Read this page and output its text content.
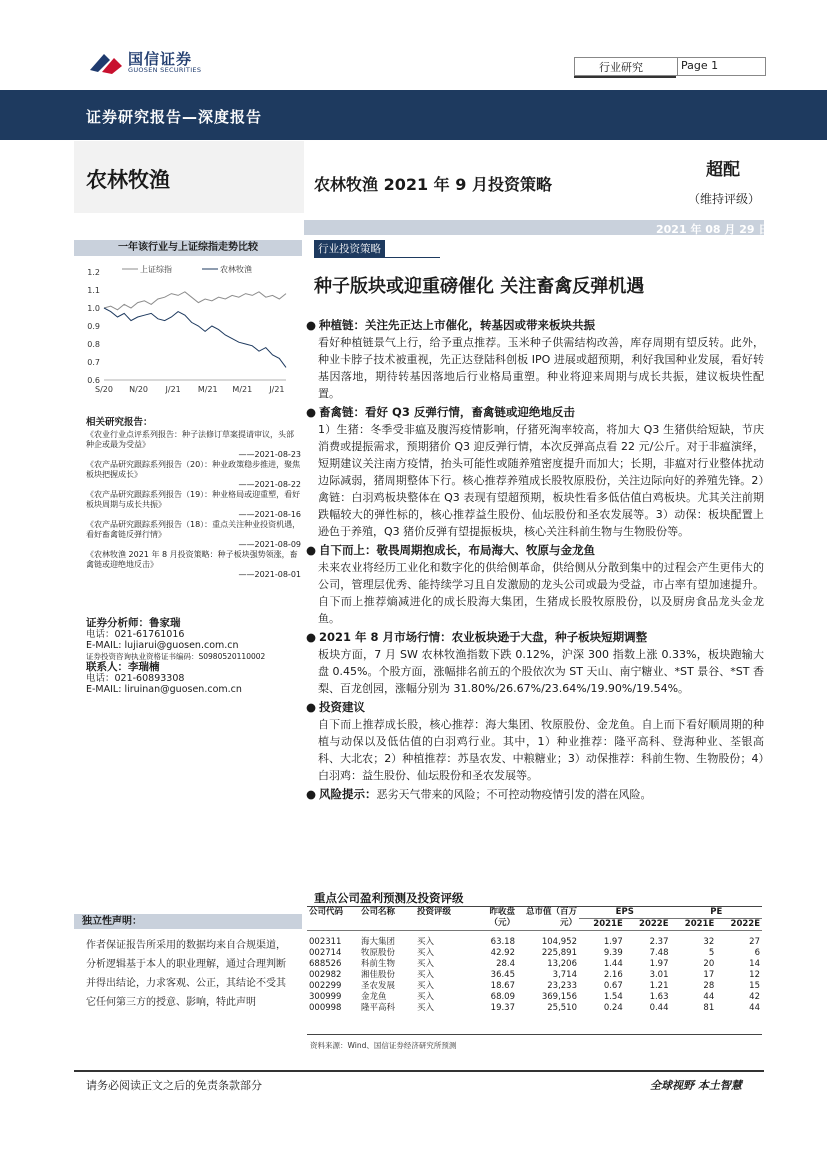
国信证券
GUOSEN SECURITIES	行业研究	Page 1
证券研究报告—深度报告
农林牧渔	农林牧渔 2021 年 9 月投资策略
超配
（维持评级）
2021 年 08 月 29 日
一年该行业与上证综指走势比较
1.2
1.1
1.0
0.9
0.8
0.7
0.6
S/20 N/20 J/21 M/21 M/21 J/21
上证综指	农林牧渔
行业投资策略
种子版块或迎重磅催化 关注畜禽反弹机遇
● 种植链：关注先正达上市催化，转基因或带来板块共振
看好种植链景气上行，给予重点推荐。玉米种子供需结构改善，库存周期有望反转。此外，种业卡脖子技术被重视，先正达登陆科创板 IPO 进展或超预期，利好我国种业发展，看好转基因落地，期待转基因落地后行业格局重塑。种业将迎来周期与成长共振，建议板块性配置。
● 畜禽链：看好 Q3 反弹行情，畜禽链或迎绝地反击
1）生猪：冬季受非瘟及腹泻疫情影响，仔猪死淘率较高，将加大 Q3 生猪供给短缺，节庆消费或提振需求，预期猪价 Q3 迎反弹行情，本次反弹高点看 22 元/公斤。对于非瘟演绎，短期建议关注南方疫情，抬头可能性或随养殖密度提升而加大；长期，非瘟对行业整体扰动边际减弱，猪周期整体下行。核心推荐养殖成长股牧原股份，关注边际向好的养殖先锋。2）禽链：白羽鸡板块整体在 Q3 表现有望超预期，板块性看多低估值白鸡板块。尤其关注前期跌幅较大的弹性标的，核心推荐益生股份、仙坛股份和圣农发展等。3）动保：板块配置上逊色于养殖，Q3 猪价反弹有望提振板块，核心关注科前生物与生物股份等。
● 自下而上：敬畏周期抱成长，布局海大、牧原与金龙鱼
未来农业将经历工业化和数字化的供给侧革命，供给侧从分散到集中的过程会产生更伟大的公司，管理层优秀、能持续学习且自发激励的龙头公司或最为受益，市占率有望加速提升。自下而上推荐熵减进化的成长股海大集团，生猪成长股牧原股份，以及厨房食品龙头金龙鱼。
● 2021 年 8 月市场行情：农业板块逊于大盘，种子板块短期调整
板块方面，7 月 SW 农林牧渔指数下跌 0.12%，沪深 300 指数上涨 0.33%，板块跑输大盘 0.45%。个股方面，涨幅排名前五的个股依次为 ST 天山、南宁糖业、*ST 景谷、*ST 香梨、百龙创园，涨幅分别为 31.80%/26.67%/23.64%/19.90%/19.54%。
● 投资建议
自下而上推荐成长股，核心推荐：海大集团、牧原股份、金龙鱼。自上而下看好顺周期的种植与动保以及低估值的白羽鸡行业。其中，1）种业推荐：隆平高科、登海种业、荃银高科、大北农；2）种植推荐：苏垦农发、中粮糖业；3）动保推荐：科前生物、生物股份；4）白羽鸡：益生股份、仙坛股份和圣农发展等。
● 风险提示：恶劣天气带来的风险；不可控动物疫情引发的潜在风险。
重点公司盈利预测及投资评级
公司代码	公司名称	投资评级	昨收盘（元）	总市值（百万元）	EPS		PE	
					2021E	2022E	2021E	2022E
002311	海大集团	买入	63.18	104,952	1.97	2.37	32	27
002714	牧原股份	买入	42.92	225,891	9.39	7.48	5	6
688526	科前生物	买入	28.4	13,206	1.44	1.97	20	14
002982	湘佳股份	买入	36.45	3,714	2.16	3.01	17	12
002299	圣农发展	买入	18.67	23,233	0.67	1.21	28	15
300999	金龙鱼	买入	68.09	369,156	1.54	1.63	44	42
000998	隆平高科	买入	19.37	25,510	0.24	0.44	81	44
资料来源：Wind、国信证券经济研究所预测
相关研究报告：

《农业行业点评系列报告：种子法修订草案提请审议，头部种企或最为受益》

——2021-08-23

《农产品研究跟踪系列报告（20）：种业政策稳步推进，聚焦板块把握成长》

——2021-08-22

《农产品研究跟踪系列报告（19）：种业格局或迎重塑，看好板块周期与成长共振》

——2021-08-16

《农产品研究跟踪系列报告（18）：重点关注种业投资机遇，看好畜禽链反弹行情》

——2021-08-09

《农林牧渔 2021 年 8 月投资策略：种子板块强势领涨，畜禽链或迎绝地反击》

——2021-08-01

证券分析师：鲁家瑞
电话：021-61761016
E-MAIL: lujiarui@guosen.com.cn
证券投资咨询执业资格证书编码：S0980520110002
联系人：李瑞楠
电话：021-60893308
E-MAIL: liruinan@guosen.com.cn
独立性声明：
作者保证报告所采用的数据均来自合规渠道，分析逻辑基于本人的职业理解，通过合理判断并得出结论，力求客观、公正，其结论不受其它任何第三方的授意、影响，特此声明
请务必阅读正文之后的免责条款部分	全球视野 本土智慧
